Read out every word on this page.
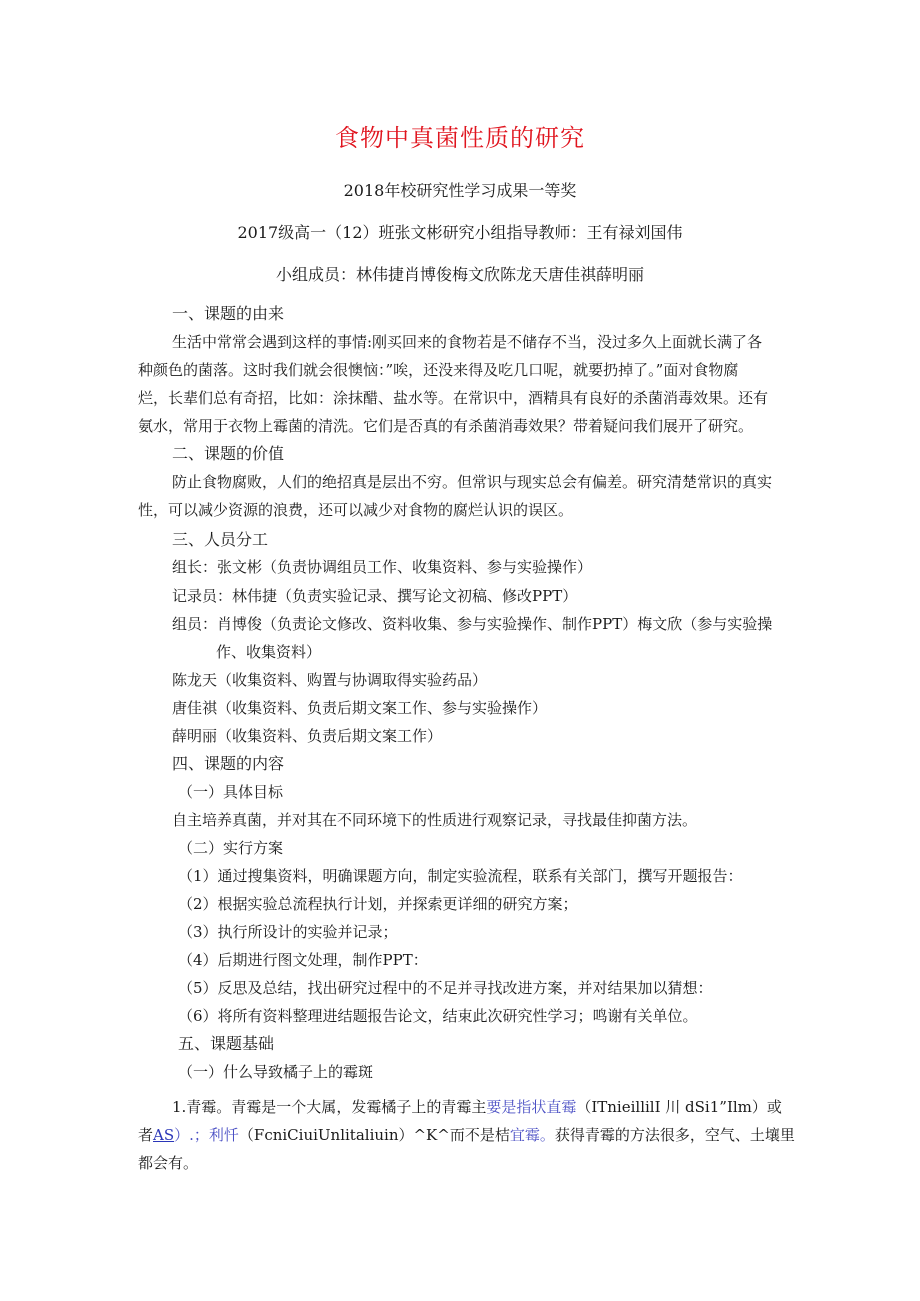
食物中真菌性质的研究
2018年校研究性学习成果一等奖
2017级高一（12）班张文彬研究小组指导教师：王有禄刘国伟
小组成员：林伟捷肖博俊梅文欣陈龙天唐佳祺薛明丽
一、课题的由来
生活中常常会遇到这样的事情:刚买回来的食物若是不储存不当，没过多久上面就长满了各
种颜色的菌落。这时我们就会很懊恼：”唉，还没来得及吃几口呢，就要扔掉了。”面对食物腐
烂，长辈们总有奇招，比如：涂抹醋、盐水等。在常识中，酒精具有良好的杀菌消毒效果。还有
氨水，常用于衣物上霉菌的清洗。它们是否真的有杀菌消毒效果？带着疑问我们展开了研究。
二、课题的价值
防止食物腐败，人们的绝招真是层出不穷。但常识与现实总会有偏差。研究清楚常识的真实
性，可以减少资源的浪费，还可以减少对食物的腐烂认识的误区。
三、人员分工
组长：张文彬（负责协调组员工作、收集资料、参与实验操作）
记录员：林伟捷（负责实验记录、撰写论文初稿、修改PPT）
组员：肖博俊（负责论文修改、资料收集、参与实验操作、制作PPT）梅文欣（参与实验操
作、收集资料）
陈龙天（收集资料、购置与协调取得实验药品）
唐佳祺（收集资料、负责后期文案工作、参与实验操作）
薛明丽（收集资料、负责后期文案工作）
四、课题的内容
（一）具体目标
自主培养真菌，并对其在不同环境下的性质进行观察记录，寻找最佳抑菌方法。
（二）实行方案
（1）通过搜集资料，明确课题方向，制定实验流程，联系有关部门，撰写开题报告：
（2）根据实验总流程执行计划，并探索更详细的研究方案；
（3）执行所设计的实验并记录；
（4）后期进行图文处理，制作PPT：
（5）反思及总结，找出研究过程中的不足并寻找改进方案，并对结果加以猜想：
（6）将所有资料整理进结题报告论文，结束此次研究性学习；鸣谢有关单位。
五、课题基础
（一）什么导致橘子上的霉斑
1.青霉。青霉是一个大属，发霉橘子上的青霉主要是指状直霉（ITnieillilI 川 dSi1”Ilm）或
者AS）.；利忏（FcniCiuiUnlitaliuin）^K^而不是桔宜霉。获得青霉的方法很多，空气、土壤里
都会有。
